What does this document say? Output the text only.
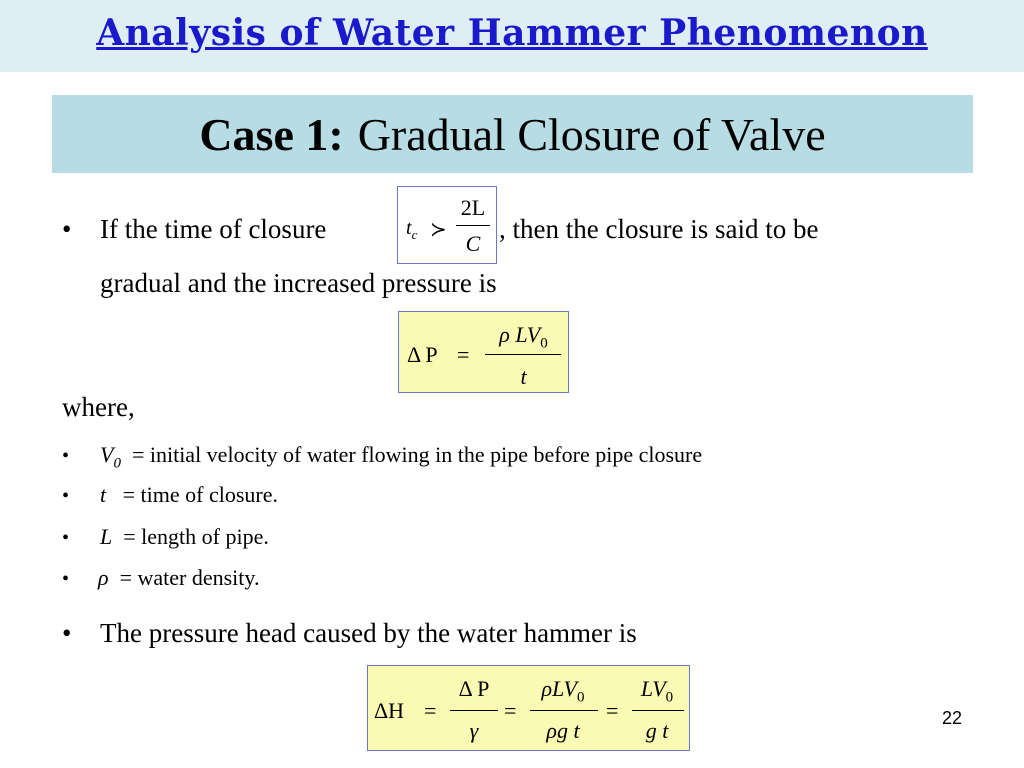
Analysis of Water Hammer Phenomenon
Case 1: Gradual Closure of Valve
• If the time of closure	$t_c$ ≻
2L
C , then the closure is said to be
gradual and the increased pressure is
Δ P =
ρ $LV_0$
t
where,
• $V_0$ = initial velocity of water flowing in the pipe before pipe closure
• t = time of closure.
• L = length of pipe.
• ρ = water density.
• The pressure head caused by the water hammer is
ΔH =
Δ P
γ
=
ρLV$_0$
ρg t
=
$LV_0$
g t	22
